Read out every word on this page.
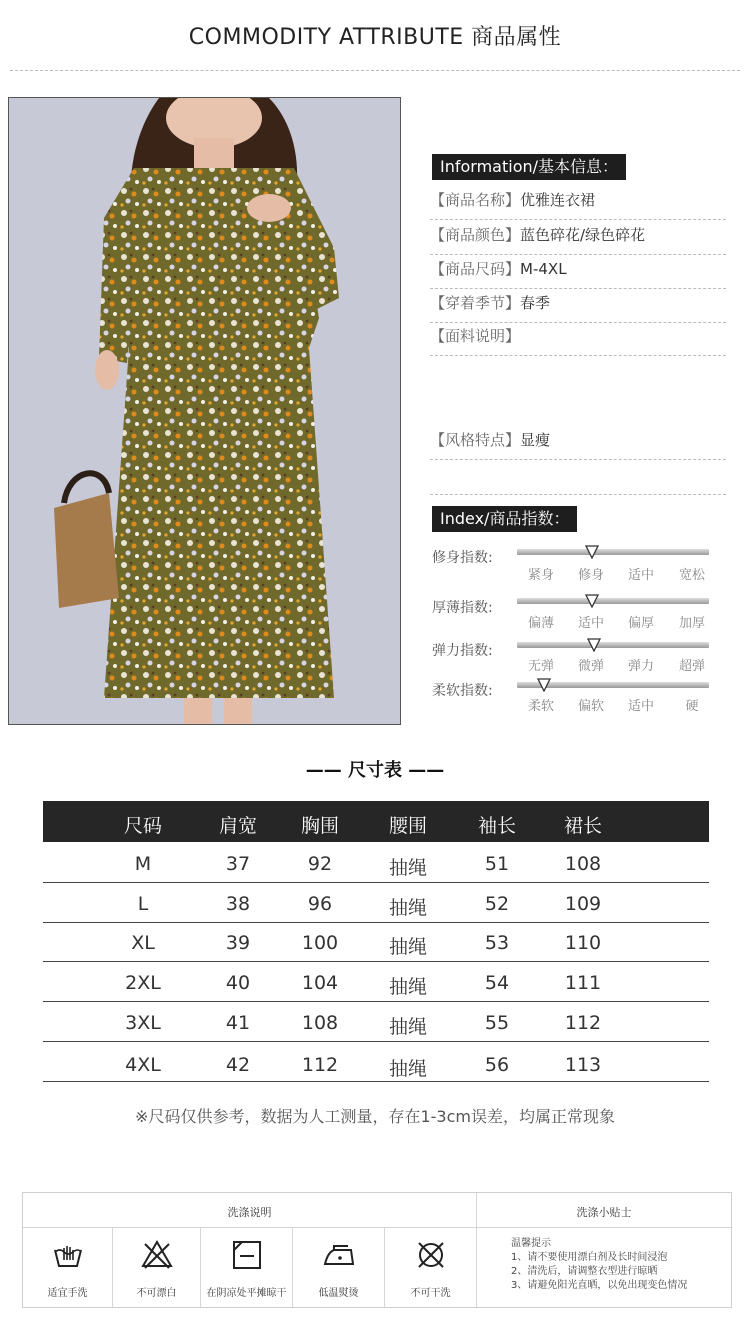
COMMODITY ATTRIBUTE 商品属性
Information/基本信息：
【商品名称】优雅连衣裙
【商品颜色】蓝色碎花/绿色碎花
【商品尺码】M-4XL
【穿着季节】春季
【面料说明】
【风格特点】显瘦
Index/商品指数：
修身指数:
紧身	修身	适中	宽松
厚薄指数:
偏薄	适中	偏厚	加厚
弹力指数:
无弹	微弹	弹力	超弹
柔软指数:
柔软	偏软	适中	硬
—— 尺寸表 ——
尺码	肩宽	胸围	腰围	袖长	裙长
M	37	92	抽绳	51	108
L	38	96	抽绳	52	109
XL	39	100	抽绳	53	110
2XL	40	104	抽绳	54	111
3XL	41	108	抽绳	55	112
4XL	42	112	抽绳	56	113
※尺码仅供参考，数据为人工测量，存在1-3cm误差，均属正常现象
洗涤说明	洗涤小贴士
适宜手洗	不可漂白	在阴凉处平摊晾干	低温熨烫	不可干洗
温馨提示
1、请不要使用漂白剂及长时间浸泡
2、清洗后，请调整衣型进行晾晒
3、请避免阳光直晒，以免出现变色情况
